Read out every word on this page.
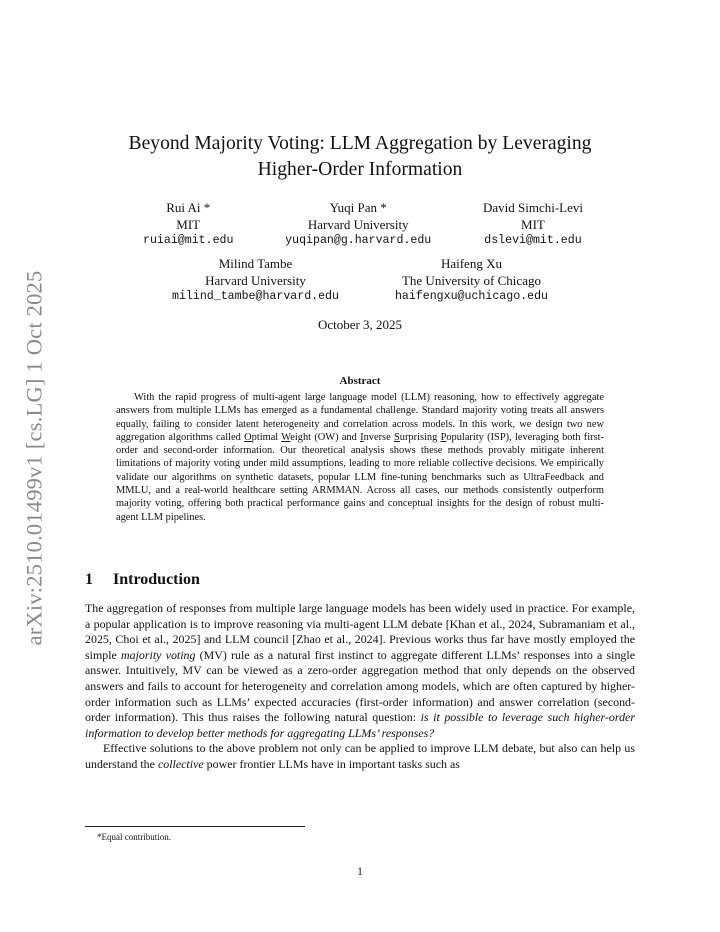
arXiv:2510.01499v1 [cs.LG] 1 Oct 2025
Beyond Majority Voting: LLM Aggregation by Leveraging
Higher-Order Information
Rui Ai *
MIT
ruiai@mit.edu
Yuqi Pan *
Harvard University
yuqipan@g.harvard.edu
David Simchi-Levi
MIT
dslevi@mit.edu
Milind Tambe
Harvard University
milind_tambe@harvard.edu
Haifeng Xu
The University of Chicago
haifengxu@uchicago.edu
October 3, 2025
Abstract
With the rapid progress of multi-agent large language model (LLM) reasoning, how to effectively aggregate answers from multiple LLMs has emerged as a fundamental challenge. Standard majority voting treats all answers equally, failing to consider latent heterogeneity and correlation across models. In this work, we design two new aggregation algorithms called Optimal Weight (OW) and Inverse Surprising Popularity (ISP), leveraging both first-order and second-order information. Our theoretical analysis shows these methods provably mitigate inherent limitations of majority voting under mild assumptions, leading to more reliable collective decisions. We empirically validate our algorithms on synthetic datasets, popular LLM fine-tuning benchmarks such as UltraFeedback and MMLU, and a real-world healthcare setting ARMMAN. Across all cases, our methods consistently outperform majority voting, offering both practical performance gains and conceptual insights for the design of robust multi-agent LLM pipelines.
1 Introduction

The aggregation of responses from multiple large language models has been widely used in practice. For example, a popular application is to improve reasoning via multi-agent LLM debate [Khan et al., 2024, Subramaniam et al., 2025, Choi et al., 2025] and LLM council [Zhao et al., 2024]. Previous works thus far have mostly employed the simple majority voting (MV) rule as a natural first instinct to aggregate different LLMs’ responses into a single answer. Intuitively, MV can be viewed as a zero-order aggregation method that only depends on the observed answers and fails to account for heterogeneity and correlation among models, which are often captured by higher-order information such as LLMs’ expected accuracies (first-order information) and answer correlation (second-order information). This thus raises the following natural question: is it possible to leverage such higher-order information to develop better methods for aggregating LLMs’ responses?

Effective solutions to the above problem not only can be applied to improve LLM debate, but also can help us understand the collective power frontier LLMs have in important tasks such as

*Equal contribution.
1
